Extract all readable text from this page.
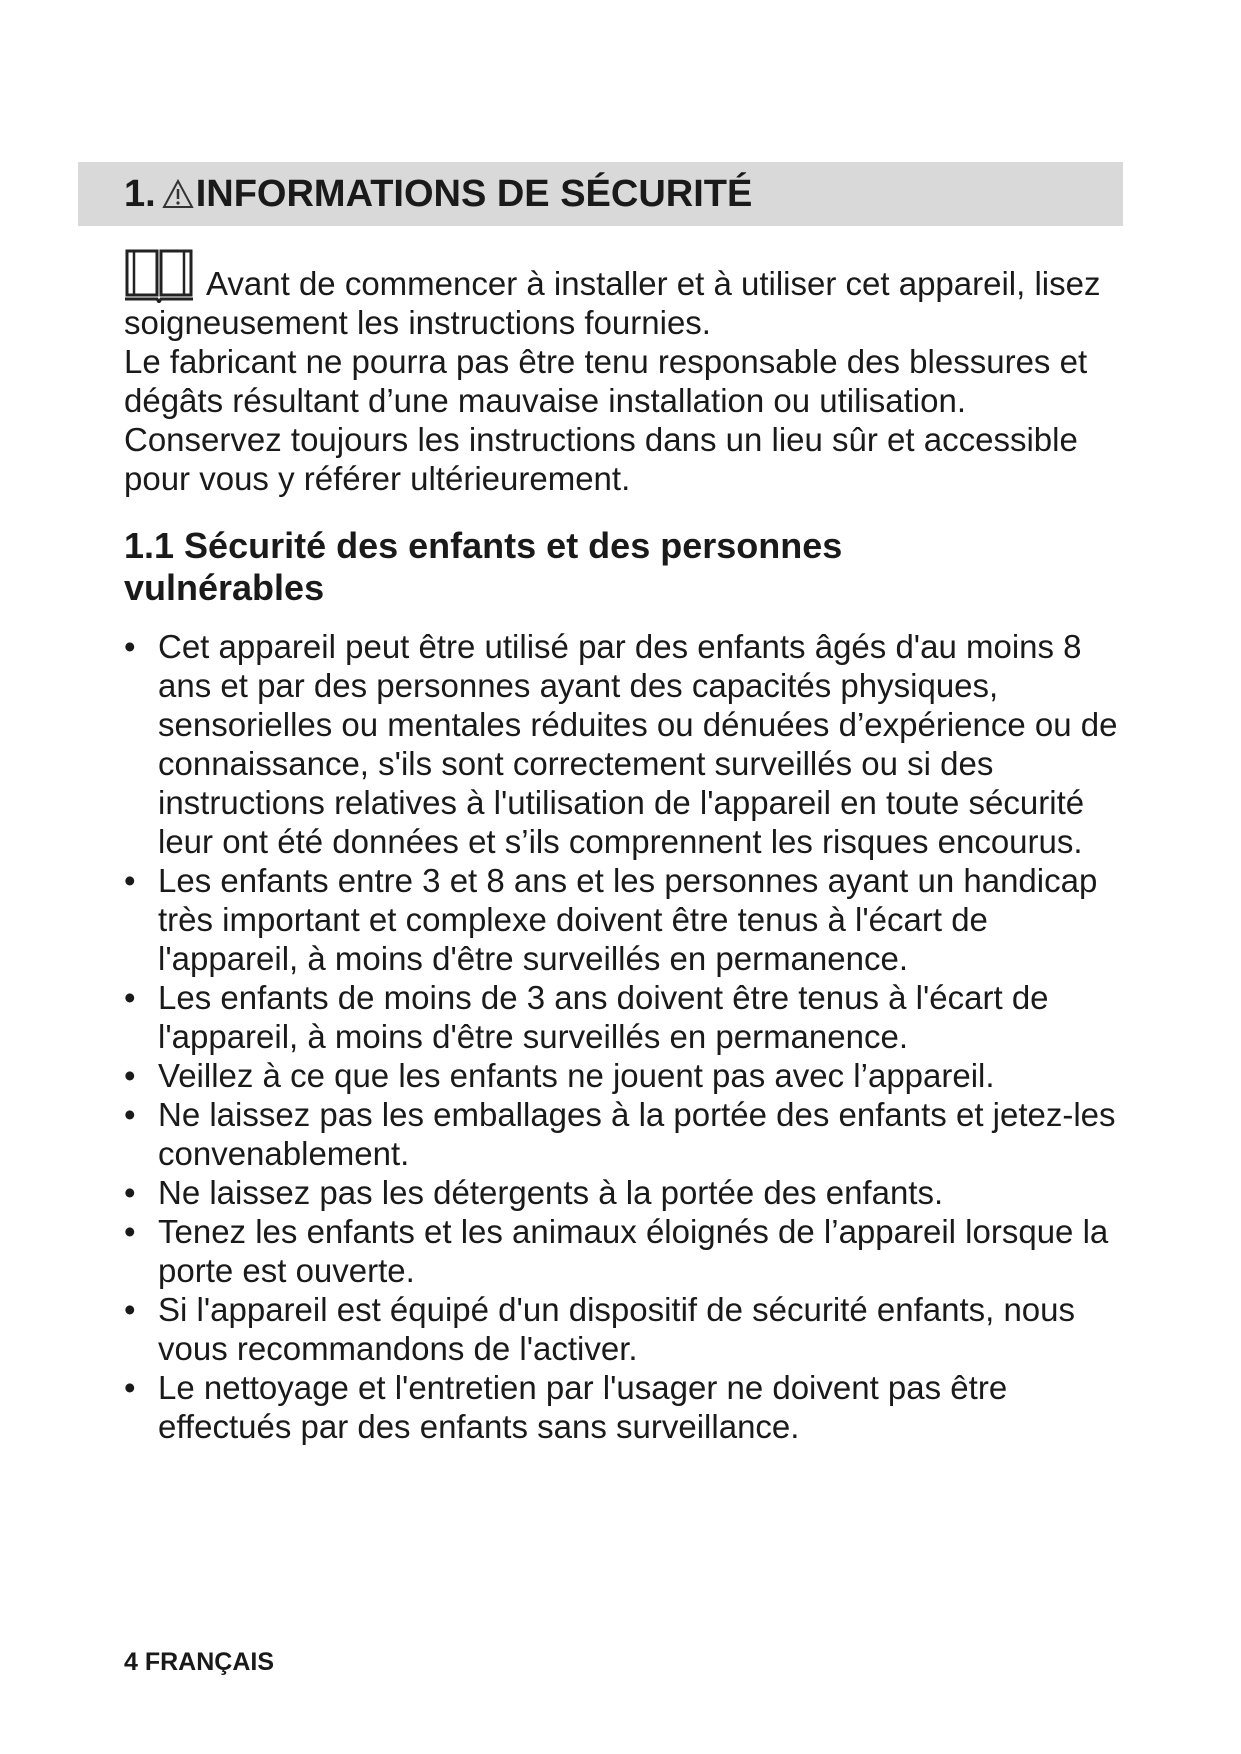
1. INFORMATIONS DE SÉCURITÉ

Avant de commencer à installer et à utiliser cet appareil, lisez soigneusement les instructions fournies.

Le fabricant ne pourra pas être tenu responsable des blessures et dégâts résultant d’une mauvaise installation ou utilisation. Conservez toujours les instructions dans un lieu sûr et accessible pour vous y référer ultérieurement.

1.1 Sécurité des enfants et des personnes vulnérables
• Cet appareil peut être utilisé par des enfants âgés d'au moins 8 ans et par des personnes ayant des capacités physiques, sensorielles ou mentales réduites ou dénuées d’expérience ou de connaissance, s'ils sont correctement surveillés ou si des instructions relatives à l'utilisation de l'appareil en toute sécurité leur ont été données et s’ils comprennent les risques encourus.
• Les enfants entre 3 et 8 ans et les personnes ayant un handicap très important et complexe doivent être tenus à l'écart de l'appareil, à moins d'être surveillés en permanence.
• Les enfants de moins de 3 ans doivent être tenus à l'écart de l'appareil, à moins d'être surveillés en permanence.
• Veillez à ce que les enfants ne jouent pas avec l’appareil.
• Ne laissez pas les emballages à la portée des enfants et jetez-les convenablement.
• Ne laissez pas les détergents à la portée des enfants.
• Tenez les enfants et les animaux éloignés de l’appareil lorsque la porte est ouverte.
• Si l'appareil est équipé d'un dispositif de sécurité enfants, nous vous recommandons de l'activer.
• Le nettoyage et l'entretien par l'usager ne doivent pas être effectués par des enfants sans surveillance.

4 FRANÇAIS
